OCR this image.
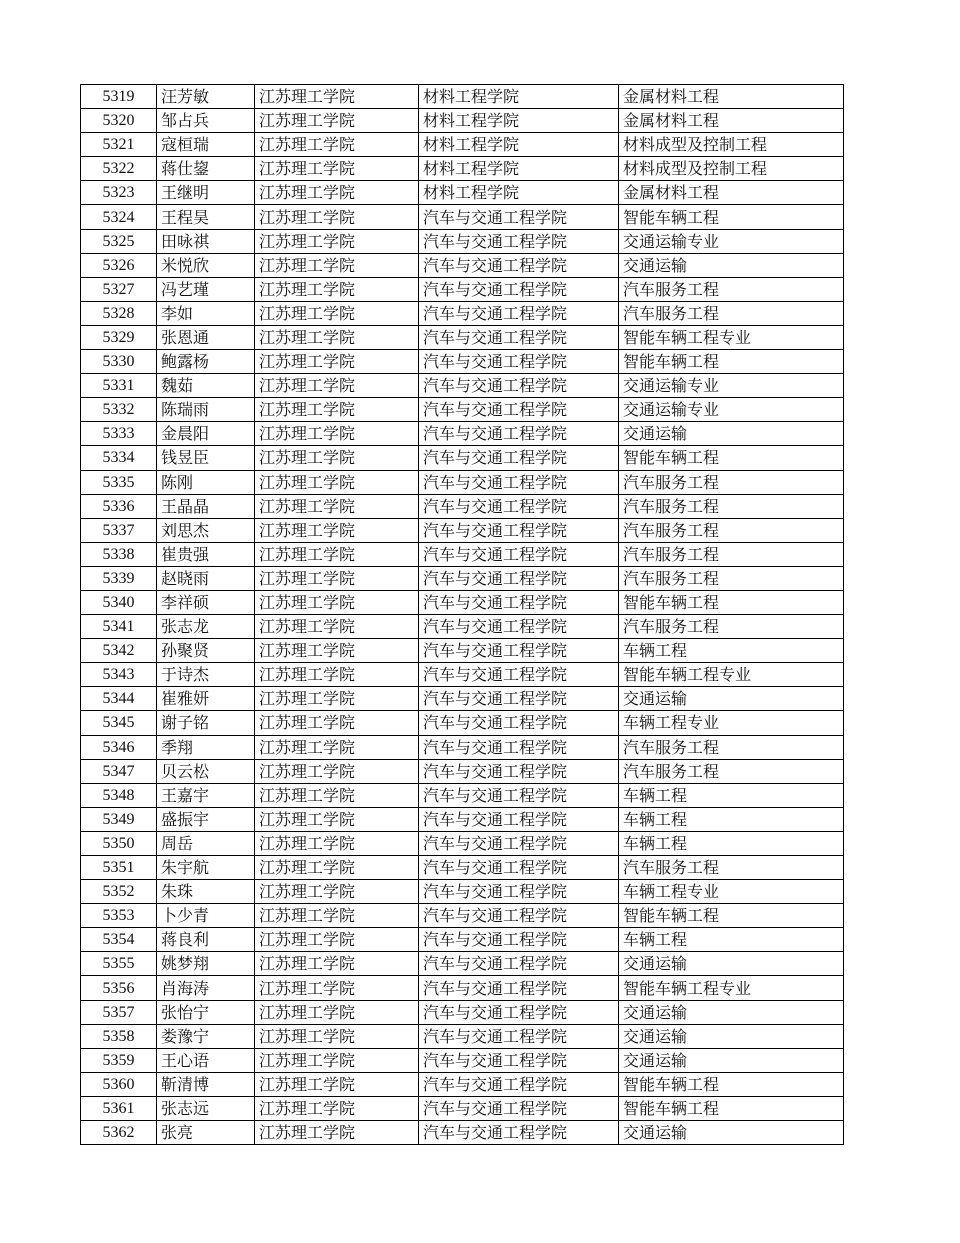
5319	汪芳敏	江苏理工学院	材料工程学院	金属材料工程
5320	邹占兵	江苏理工学院	材料工程学院	金属材料工程
5321	寇桓瑞	江苏理工学院	材料工程学院	材料成型及控制工程
5322	蒋仕鋆	江苏理工学院	材料工程学院	材料成型及控制工程
5323	王继明	江苏理工学院	材料工程学院	金属材料工程
5324	王程昊	江苏理工学院	汽车与交通工程学院	智能车辆工程
5325	田咏祺	江苏理工学院	汽车与交通工程学院	交通运输专业
5326	米悦欣	江苏理工学院	汽车与交通工程学院	交通运输
5327	冯艺瑾	江苏理工学院	汽车与交通工程学院	汽车服务工程
5328	李如	江苏理工学院	汽车与交通工程学院	汽车服务工程
5329	张恩通	江苏理工学院	汽车与交通工程学院	智能车辆工程专业
5330	鲍露杨	江苏理工学院	汽车与交通工程学院	智能车辆工程
5331	魏茹	江苏理工学院	汽车与交通工程学院	交通运输专业
5332	陈瑞雨	江苏理工学院	汽车与交通工程学院	交通运输专业
5333	金晨阳	江苏理工学院	汽车与交通工程学院	交通运输
5334	钱昱臣	江苏理工学院	汽车与交通工程学院	智能车辆工程
5335	陈刚	江苏理工学院	汽车与交通工程学院	汽车服务工程
5336	王晶晶	江苏理工学院	汽车与交通工程学院	汽车服务工程
5337	刘思杰	江苏理工学院	汽车与交通工程学院	汽车服务工程
5338	崔贵强	江苏理工学院	汽车与交通工程学院	汽车服务工程
5339	赵晓雨	江苏理工学院	汽车与交通工程学院	汽车服务工程
5340	李祥硕	江苏理工学院	汽车与交通工程学院	智能车辆工程
5341	张志龙	江苏理工学院	汽车与交通工程学院	汽车服务工程
5342	孙聚贤	江苏理工学院	汽车与交通工程学院	车辆工程
5343	于诗杰	江苏理工学院	汽车与交通工程学院	智能车辆工程专业
5344	崔雅妍	江苏理工学院	汽车与交通工程学院	交通运输
5345	谢子铭	江苏理工学院	汽车与交通工程学院	车辆工程专业
5346	季翔	江苏理工学院	汽车与交通工程学院	汽车服务工程
5347	贝云松	江苏理工学院	汽车与交通工程学院	汽车服务工程
5348	王嘉宇	江苏理工学院	汽车与交通工程学院	车辆工程
5349	盛振宇	江苏理工学院	汽车与交通工程学院	车辆工程
5350	周岳	江苏理工学院	汽车与交通工程学院	车辆工程
5351	朱宇航	江苏理工学院	汽车与交通工程学院	汽车服务工程
5352	朱珠	江苏理工学院	汽车与交通工程学院	车辆工程专业
5353	卜少青	江苏理工学院	汽车与交通工程学院	智能车辆工程
5354	蒋良利	江苏理工学院	汽车与交通工程学院	车辆工程
5355	姚梦翔	江苏理工学院	汽车与交通工程学院	交通运输
5356	肖海涛	江苏理工学院	汽车与交通工程学院	智能车辆工程专业
5357	张怡宁	江苏理工学院	汽车与交通工程学院	交通运输
5358	娄豫宁	江苏理工学院	汽车与交通工程学院	交通运输
5359	王心语	江苏理工学院	汽车与交通工程学院	交通运输
5360	靳清博	江苏理工学院	汽车与交通工程学院	智能车辆工程
5361	张志远	江苏理工学院	汽车与交通工程学院	智能车辆工程
5362	张亮	江苏理工学院	汽车与交通工程学院	交通运输
